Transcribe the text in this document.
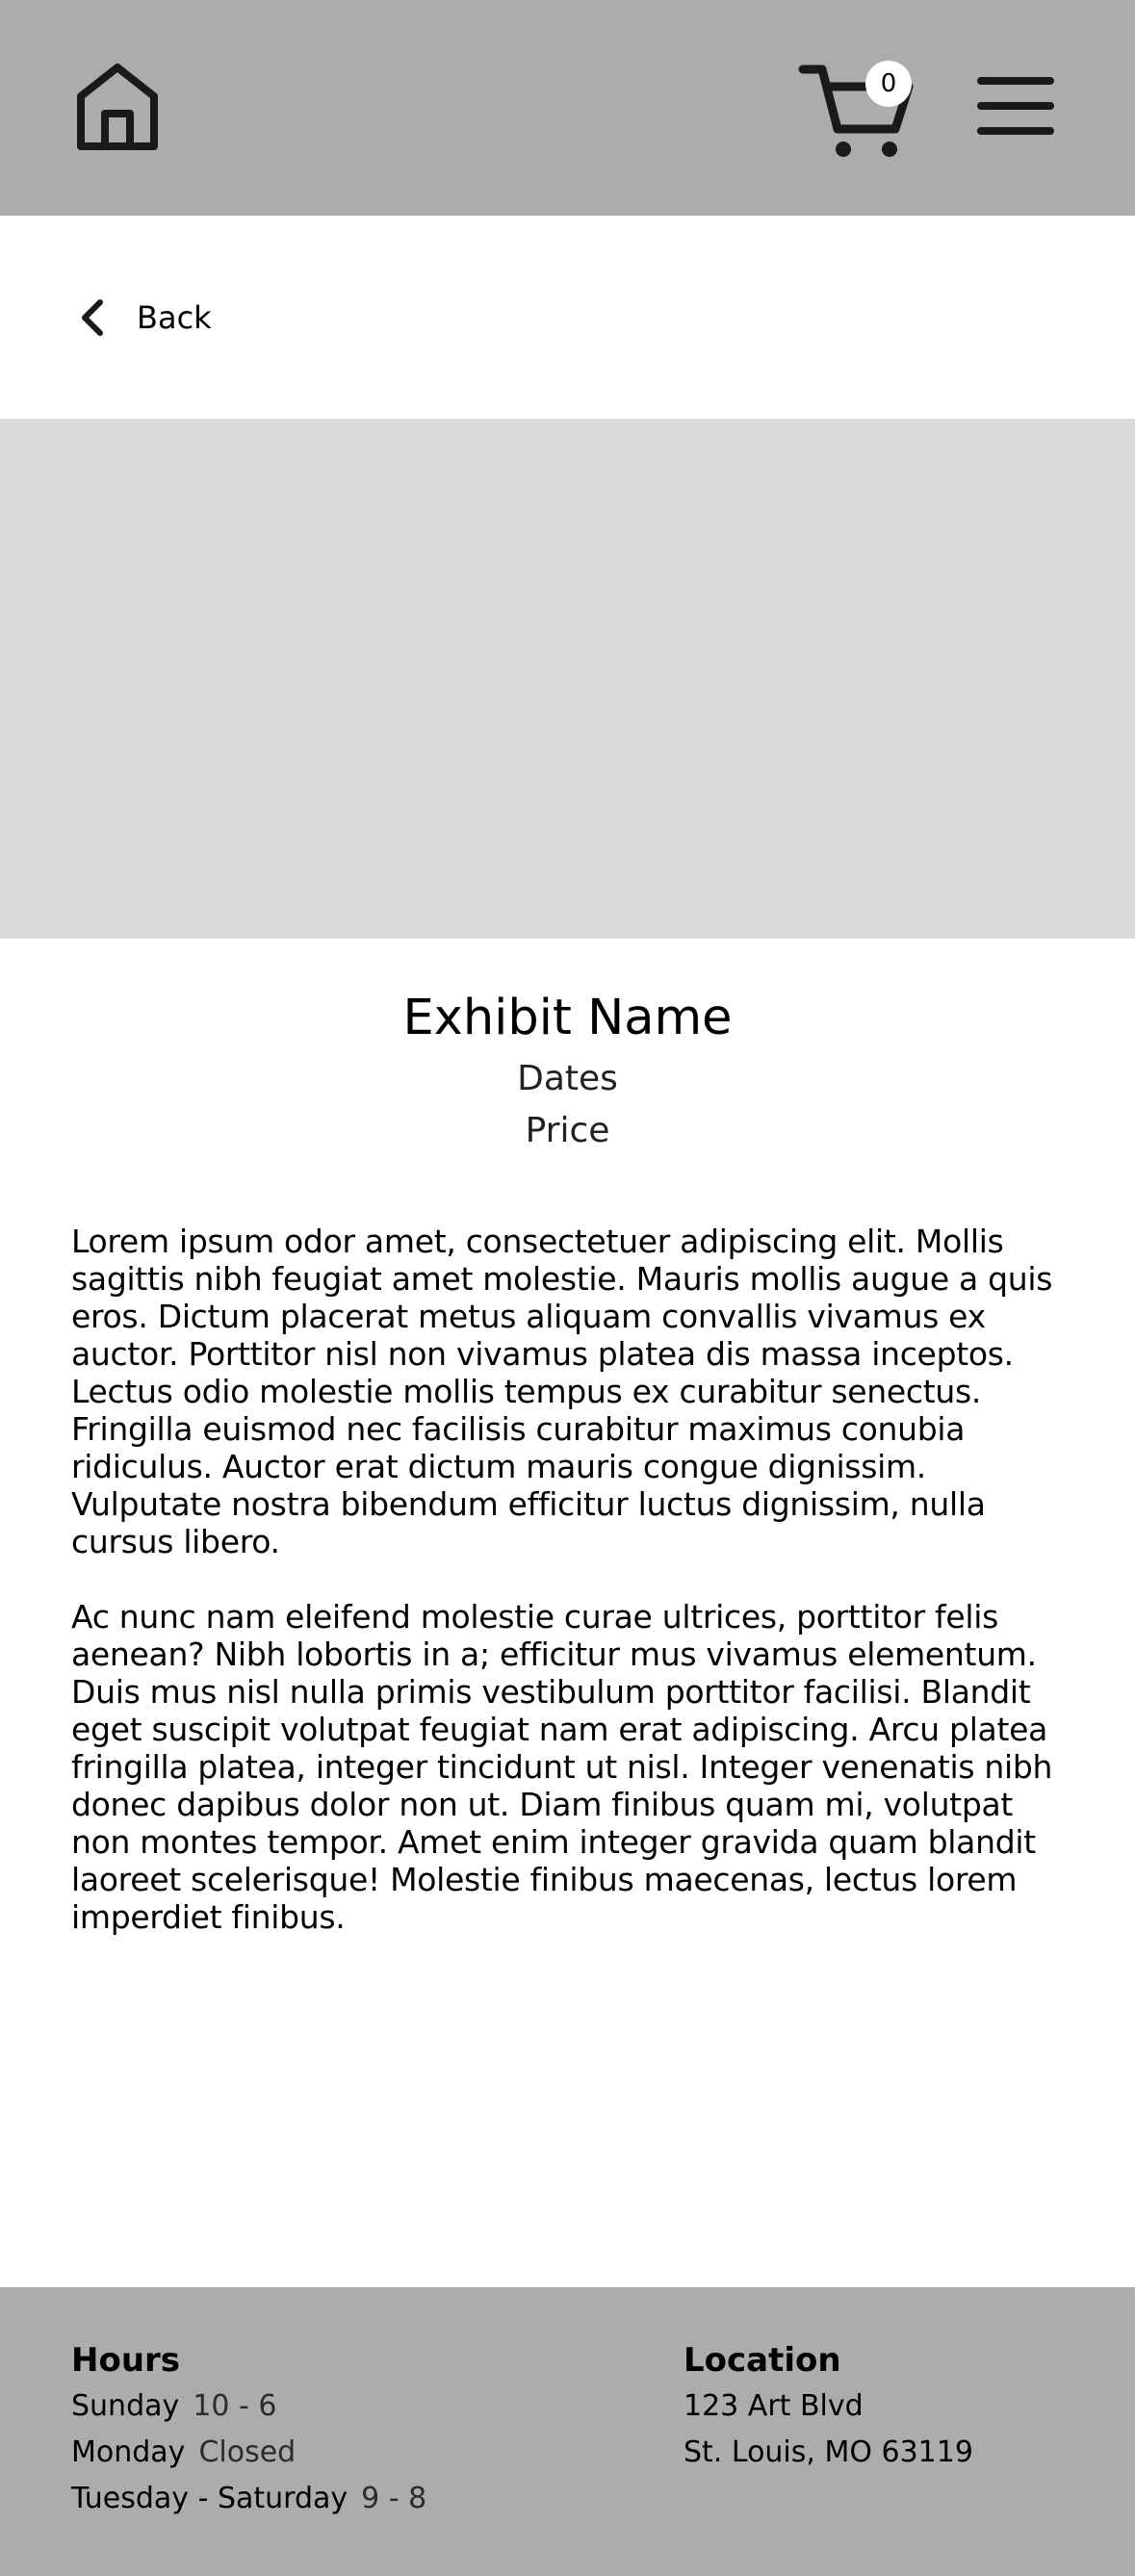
0
Back
Exhibit Name
Dates
Price

Lorem ipsum odor amet, consectetuer adipiscing elit. Mollis sagittis nibh feugiat amet molestie. Mauris mollis augue a quis eros. Dictum placerat metus aliquam convallis vivamus ex auctor. Porttitor nisl non vivamus platea dis massa inceptos. Lectus odio molestie mollis tempus ex curabitur senectus. Fringilla euismod nec facilisis curabitur maximus conubia ridiculus. Auctor erat dictum mauris congue dignissim. Vulputate nostra bibendum efficitur luctus dignissim, nulla cursus libero.

Ac nunc nam eleifend molestie curae ultrices, porttitor felis aenean? Nibh lobortis in a; efficitur mus vivamus elementum. Duis mus nisl nulla primis vestibulum porttitor facilisi. Blandit eget suscipit volutpat feugiat nam erat adipiscing. Arcu platea fringilla platea, integer tincidunt ut nisl. Integer venenatis nibh donec dapibus dolor non ut. Diam finibus quam mi, volutpat non montes tempor. Amet enim integer gravida quam blandit laoreet scelerisque! Molestie finibus maecenas, lectus lorem imperdiet finibus.

Hours
Sunday 10 - 6
Monday Closed
Tuesday - Saturday 9 - 8
Location
123 Art Blvd
St. Louis, MO 63119
